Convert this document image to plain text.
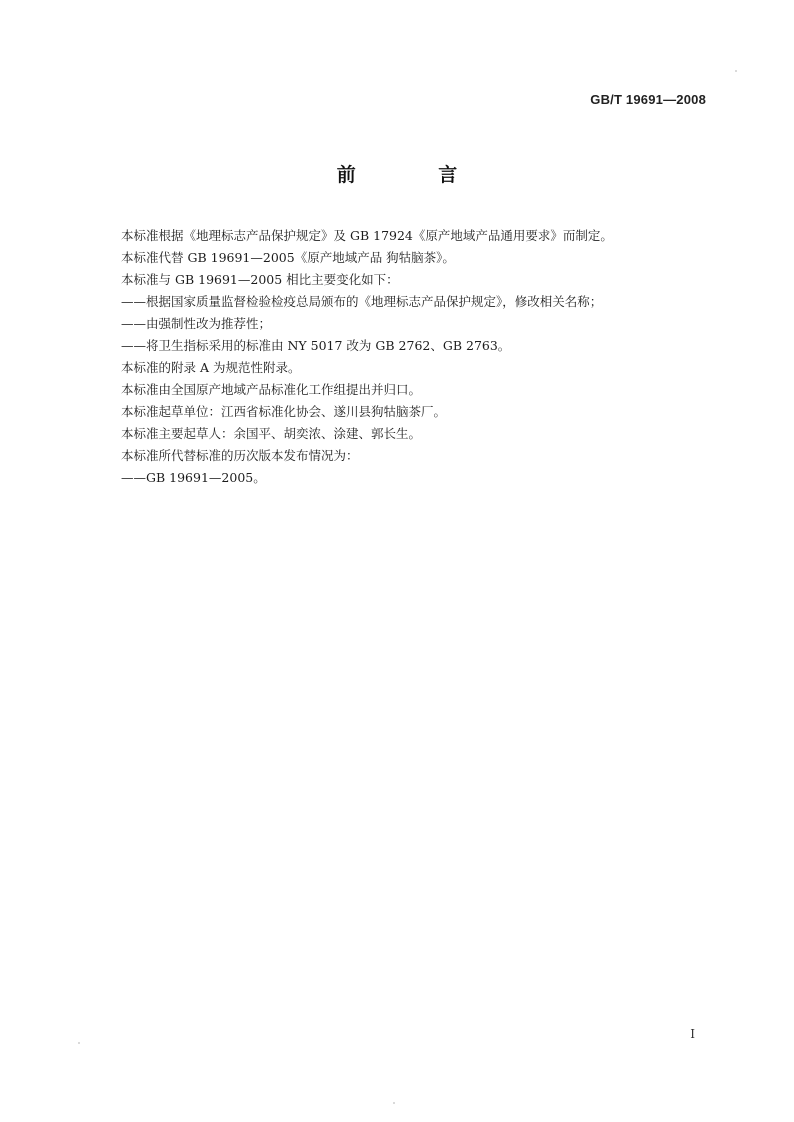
GB/T 19691—2008
前 言
本标准根据《地理标志产品保护规定》及 GB 17924《原产地域产品通用要求》而制定。
本标准代替 GB 19691—2005《原产地域产品 狗牯脑茶》。
本标准与 GB 19691—2005 相比主要变化如下：
——根据国家质量监督检验检疫总局颁布的《地理标志产品保护规定》，修改相关名称；
——由强制性改为推荐性；
——将卫生指标采用的标准由 NY 5017 改为 GB 2762、GB 2763。
本标准的附录 A 为规范性附录。
本标准由全国原产地域产品标准化工作组提出并归口。
本标准起草单位：江西省标准化协会、遂川县狗牯脑茶厂。
本标准主要起草人：余国平、胡奕浓、涂建、郭长生。
本标准所代替标准的历次版本发布情况为：
——GB 19691—2005。
I
